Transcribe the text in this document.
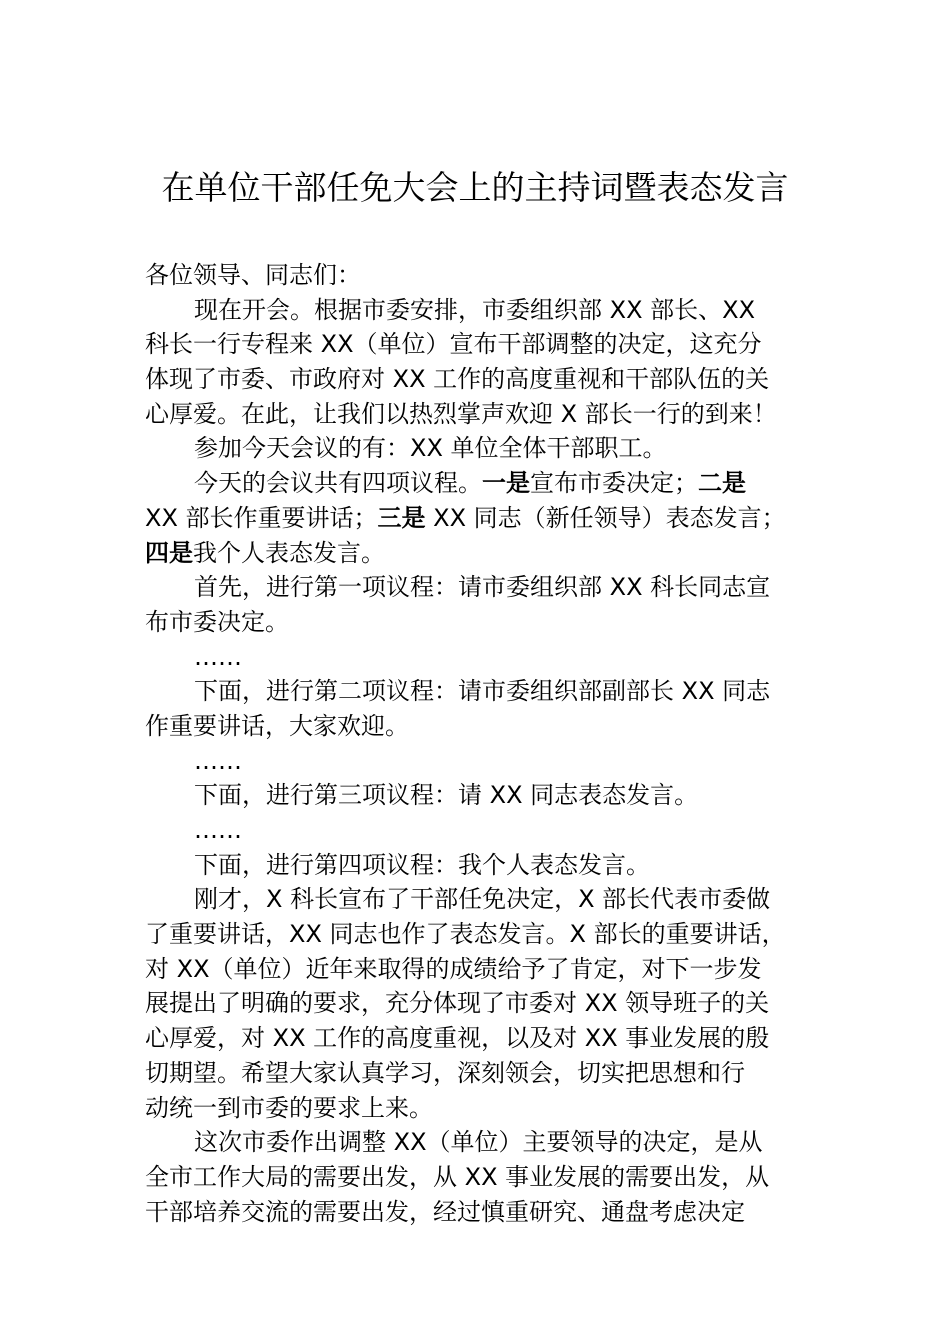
在单位干部任免大会上的主持词暨表态发言
各位领导、同志们：
现在开会。根据市委安排，市委组织部 XX 部长、XX
科长一行专程来 XX（单位）宣布干部调整的决定，这充分
体现了市委、市政府对 XX 工作的高度重视和干部队伍的关
心厚爱。在此，让我们以热烈掌声欢迎 X 部长一行的到来！
参加今天会议的有：XX 单位全体干部职工。
今天的会议共有四项议程。一是宣布市委决定；二是
XX 部长作重要讲话；三是 XX 同志（新任领导）表态发言；
四是我个人表态发言。
首先，进行第一项议程：请市委组织部 XX 科长同志宣
布市委决定。
……
下面，进行第二项议程：请市委组织部副部长 XX 同志
作重要讲话，大家欢迎。
……
下面，进行第三项议程：请 XX 同志表态发言。
……
下面，进行第四项议程：我个人表态发言。
刚才，X 科长宣布了干部任免决定，X 部长代表市委做
了重要讲话，XX 同志也作了表态发言。X 部长的重要讲话，
对 XX（单位）近年来取得的成绩给予了肯定，对下一步发
展提出了明确的要求，充分体现了市委对 XX 领导班子的关
心厚爱，对 XX 工作的高度重视，以及对 XX 事业发展的殷
切期望。希望大家认真学习，深刻领会，切实把思想和行
动统一到市委的要求上来。
这次市委作出调整 XX（单位）主要领导的决定，是从
全市工作大局的需要出发，从 XX 事业发展的需要出发，从
干部培养交流的需要出发，经过慎重研究、通盘考虑决定
